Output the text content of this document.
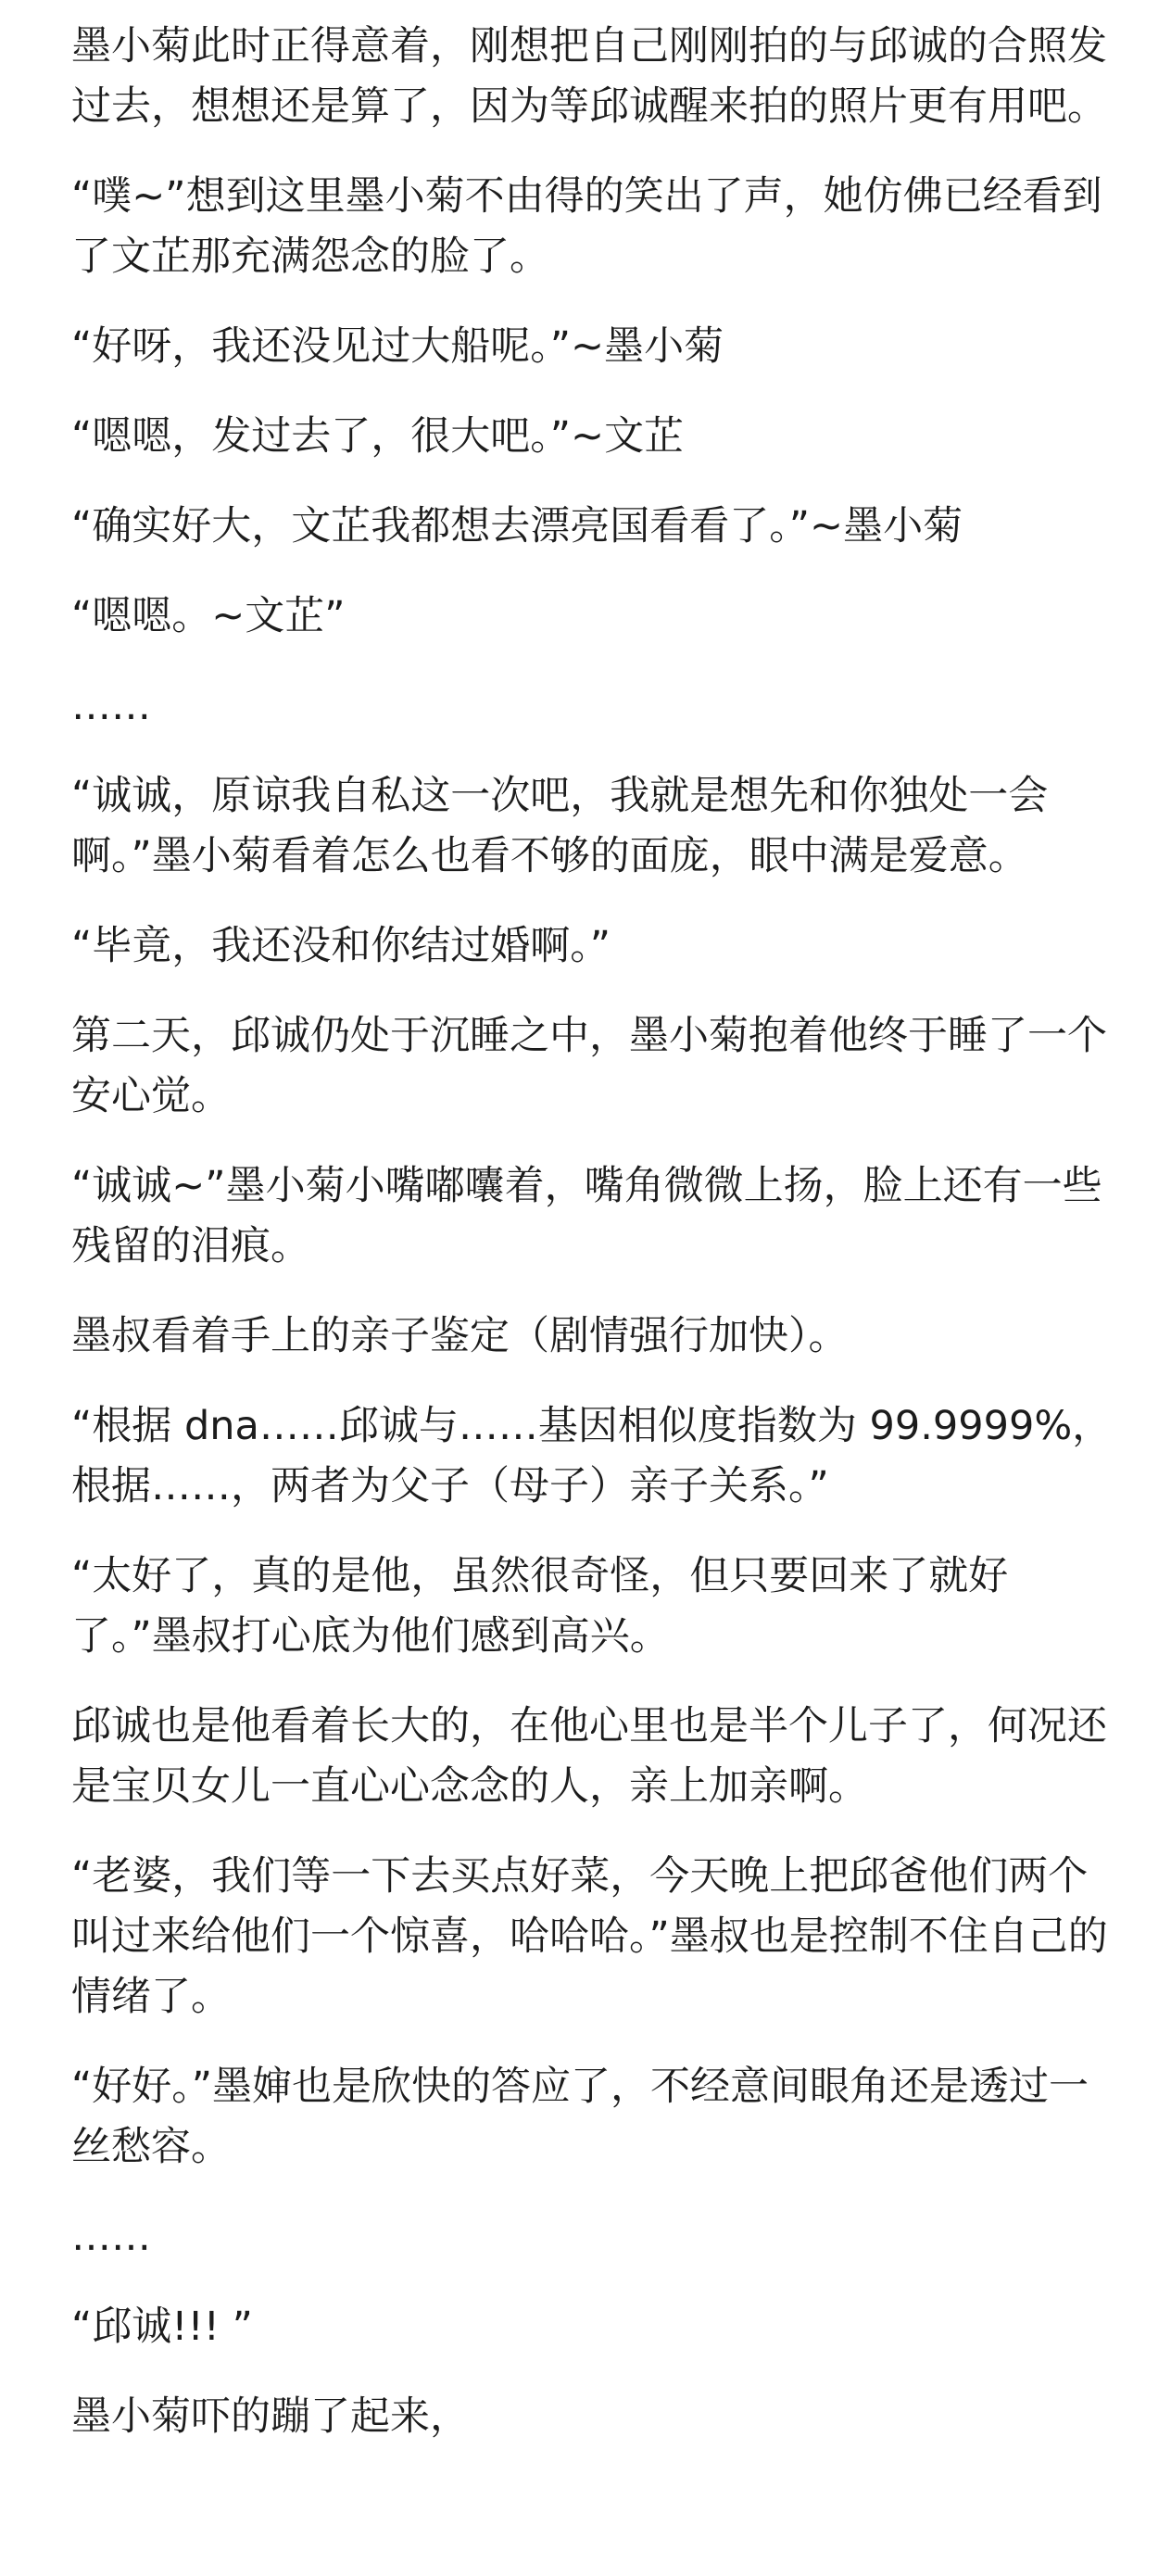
墨小菊此时正得意着，刚想把自己刚刚拍的与邱诚的合照发过去，想想还是算了，因为等邱诚醒来拍的照片更有用吧。

“噗~”想到这里墨小菊不由得的笑出了声，她仿佛已经看到了文芷那充满怨念的脸了。

“好呀，我还没见过大船呢。”~墨小菊

“嗯嗯，发过去了，很大吧。”~文芷

“确实好大，文芷我都想去漂亮国看看了。”~墨小菊

“嗯嗯。~文芷”

……

“诚诚，原谅我自私这一次吧，我就是想先和你独处一会啊。”墨小菊看着怎么也看不够的面庞，眼中满是爱意。

“毕竟，我还没和你结过婚啊。”

第二天，邱诚仍处于沉睡之中，墨小菊抱着他终于睡了一个安心觉。

“诚诚~”墨小菊小嘴嘟囔着，嘴角微微上扬，脸上还有一些残留的泪痕。

墨叔看着手上的亲子鉴定（剧情强行加快）。

“根据 dna……邱诚与……基因相似度指数为 99.9999%，根据……，两者为父子（母子）亲子关系。”

“太好了，真的是他，虽然很奇怪，但只要回来了就好了。”墨叔打心底为他们感到高兴。

邱诚也是他看着长大的，在他心里也是半个儿子了，何况还是宝贝女儿一直心心念念的人，亲上加亲啊。

“老婆，我们等一下去买点好菜，今天晚上把邱爸他们两个叫过来给他们一个惊喜，哈哈哈。”墨叔也是控制不住自己的情绪了。

“好好。”墨婶也是欣快的答应了，不经意间眼角还是透过一丝愁容。

……

“邱诚!!! ”

墨小菊吓的蹦了起来，
